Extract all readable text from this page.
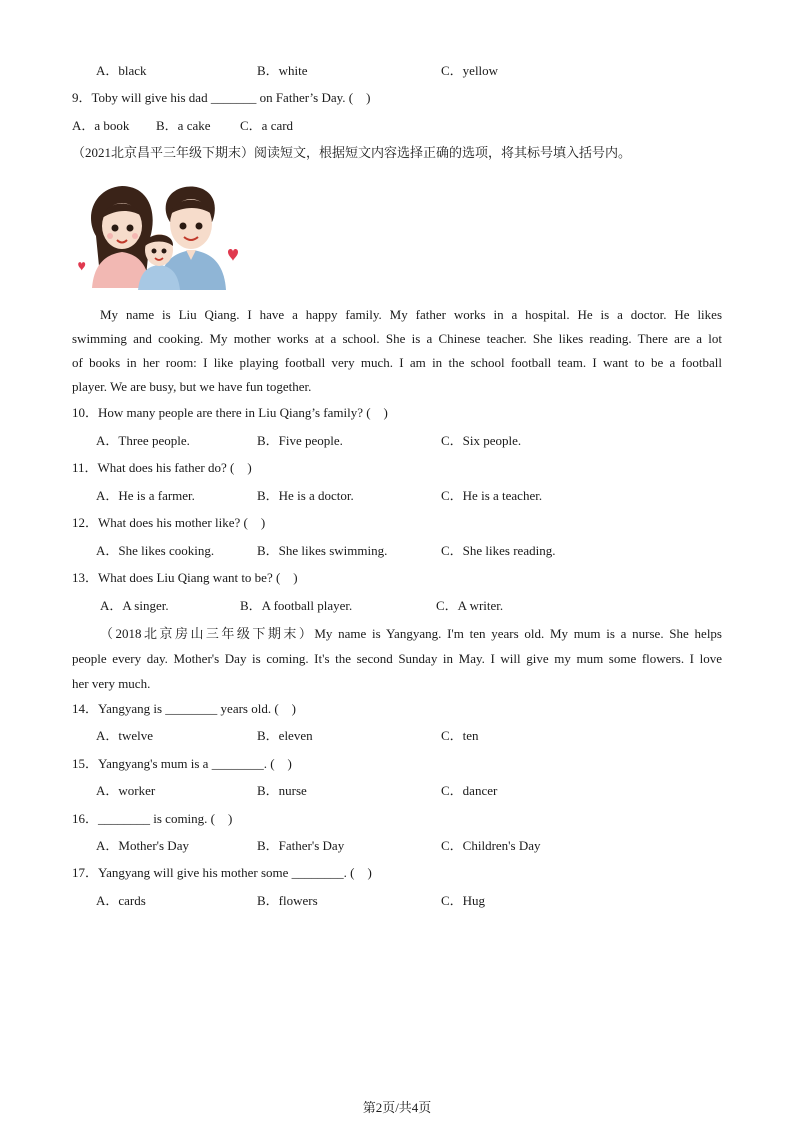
A．black	B．white	C．yellow
9．Toby will give his dad _______ on Father’s Day. (    )
A．a book B．a cake C．a card
（2021北京昌平三年级下期末）阅读短文，根据短文内容选择正确的选项，将其标号填入括号内。
My name is Liu Qiang. I have a happy family. My father works in a hospital. He is a doctor. He likes
swimming and cooking. My mother works at a school. She is a Chinese teacher. She likes reading. There are a lot
of books in her room: I like playing football very much. I am in the school football team. I want to be a football
player. We are busy, but we have fun together.
10．How many people are there in Liu Qiang’s family? (    )
A．Three people.	B．Five people.	C．Six people.
11．What does his father do? (    )
A．He is a farmer.	B．He is a doctor.	C．He is a teacher.
12．What does his mother like? (    )
A．She likes cooking.	B．She likes swimming.	C．She likes reading.
13．What does Liu Qiang want to be? (    )
A．A singer.	B．A football player.	C．A writer.
（2018北京房山三年级下期末）My name is Yangyang. I'm ten years old. My mum is a nurse. She helps
people every day. Mother's Day is coming. It's the second Sunday in May. I will give my mum some flowers. I love
her very much.
14．Yangyang is ________ years old. (    )
A．twelve	B．eleven	C．ten
15．Yangyang's mum is a ________. (    )
A．worker	B．nurse	C．dancer
16．________ is coming. (    )
A．Mother's Day	B．Father's Day	C．Children's Day
17．Yangyang will give his mother some ________. (    )
A．cards	B．flowers	C．Hug
第2页/共4页
